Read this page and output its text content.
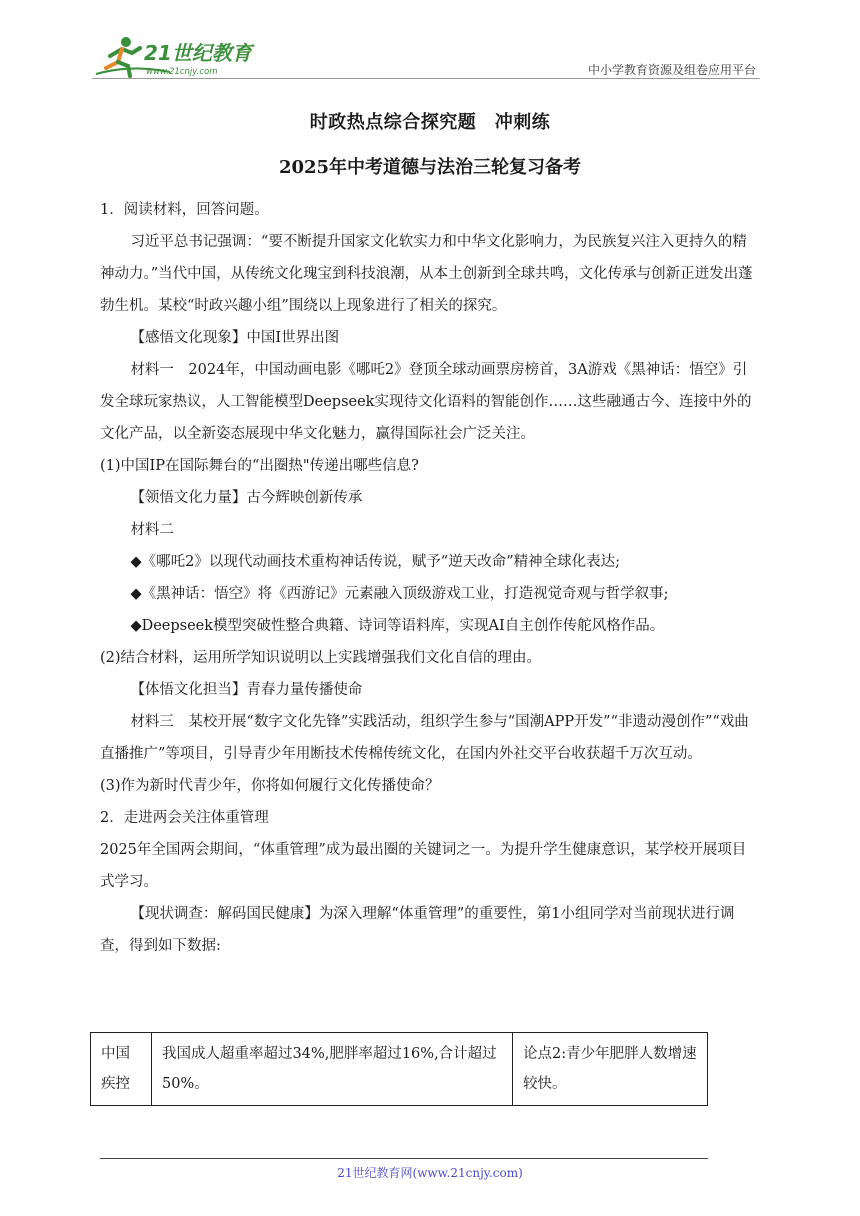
21世纪教育
www.21cnjy.com	中小学教育资源及组卷应用平台
时政热点综合探究题　冲刺练
2025年中考道德与法治三轮复习备考

1．阅读材料，回答问题。

习近平总书记强调：“要不断提升国家文化软实力和中华文化影响力，为民族复兴注入更持久的精神动力。”当代中国，从传统文化瑰宝到科技浪潮，从本土创新到全球共鸣，文化传承与创新正迸发出蓬勃生机。某校“时政兴趣小组”围绕以上现象进行了相关的探究。

【感悟文化现象】中国I世界出图

材料一　2024年，中国动画电影《哪吒2》登顶全球动画票房榜首，3A游戏《黑神话：悟空》引发全球玩家热议，人工智能模型Deepseek实现待文化语料的智能创作……这些融通古今、连接中外的文化产品，以全新姿态展现中华文化魅力，赢得国际社会广泛关注。

(1)中国IP在国际舞台的“出圈热"传递出哪些信息?

【领悟文化力量】古今辉映创新传承

材料二

◆《哪吒2》以现代动画技术重构神话传说，赋予“逆天改命”精神全球化表达;

◆《黑神话：悟空》将《西游记》元素融入顶级游戏工业，打造视觉奇观与哲学叙事;

◆Deepseek模型突破性整合典籍、诗词等语料库，实现AI自主创作传舵风格作品。

(2)结合材料，运用所学知识说明以上实践增强我们文化自信的理由。

【体悟文化担当】青春力量传播使命

材料三　某校开展“数字文化先锋”实践活动，组织学生参与“国潮APP开发”“非遗动漫创作”“戏曲直播推广”等项目，引导青少年用断技术传棉传统文化，在国内外社交平台收获超千万次互动。

(3)作为新时代青少年，你将如何履行文化传播使命？

2．走进两会关注体重管理

2025年全国两会期间，“体重管理”成为最出圈的关键词之一。为提升学生健康意识，某学校开展项目式学习。

【现状调查：解码国民健康】为深入理解“体重管理”的重要性，第1小组同学对当前现状进行调查，得到如下数据:

中国疾控	我国成人超重率超过34%,肥胖率超过16%,合计超过50%。	论点2:青少年肥胖人数增速较快。
21世纪教育网(www.21cnjy.com)
